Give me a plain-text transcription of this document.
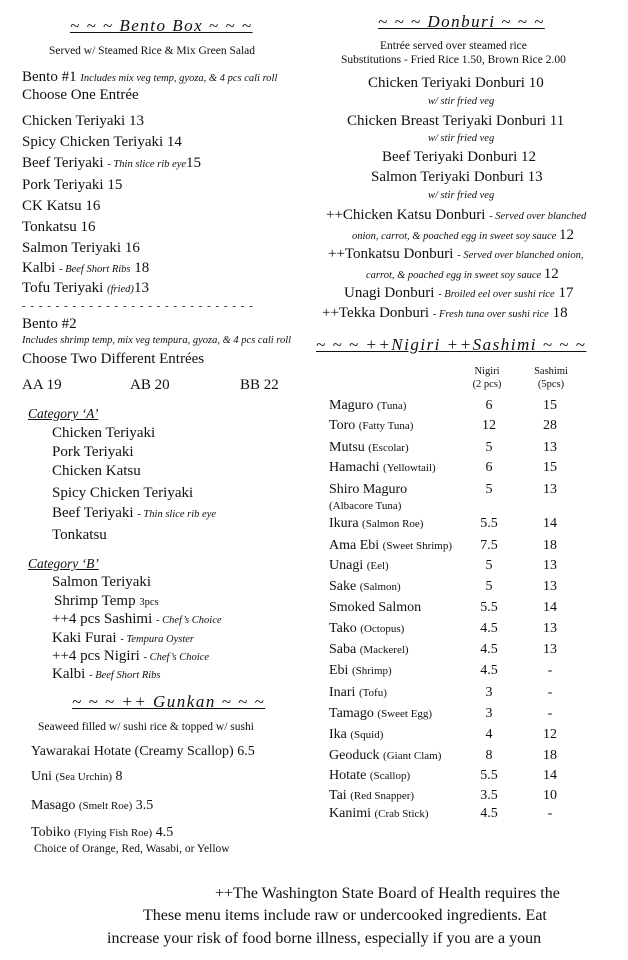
~ ~ ~ Bento Box ~ ~ ~
Served w/ Steamed Rice & Mix Green Salad
Bento #1 Includes mix veg temp, gyoza, & 4 pcs cali roll
Choose One Entrée
Chicken Teriyaki 13
Spicy Chicken Teriyaki 14
Beef Teriyaki - Thin slice rib eye15
Pork Teriyaki 15
CK Katsu 16
Tonkatsu 16
Salmon Teriyaki 16
Kalbi - Beef Short Ribs 18
Tofu Teriyaki (fried)13
- - - - - - - - - - - - - - - - - - - - - - - - - - - -
Bento #2
Includes shrimp temp, mix veg tempura, gyoza, & 4 pcs cali roll
Choose Two Different Entrées
AA 19	AB 20	BB 22
Category ‘A’
Chicken Teriyaki
Pork Teriyaki
Chicken Katsu
Spicy Chicken Teriyaki
Beef Teriyaki - Thin slice rib eye
Tonkatsu
Category ‘B’
Salmon Teriyaki
Shrimp Temp 3pcs
++4 pcs Sashimi - Chef’s Choice
Kaki Furai - Tempura Oyster
++4 pcs Nigiri - Chef’s Choice
Kalbi - Beef Short Ribs
~ ~ ~ ++ Gunkan ~ ~ ~
Seaweed filled w/ sushi rice & topped w/ sushi
Yawarakai Hotate (Creamy Scallop) 6.5
Uni (Sea Urchin) 8
Masago (Smelt Roe) 3.5
Tobiko (Flying Fish Roe) 4.5
Choice of Orange, Red, Wasabi, or Yellow
~ ~ ~ Donburi ~ ~ ~
Entrée served over steamed rice
Substitutions - Fried Rice 1.50, Brown Rice 2.00
Chicken Teriyaki Donburi 10
w/ stir fried veg
Chicken Breast Teriyaki Donburi 11
w/ stir fried veg
Beef Teriyaki Donburi 12
Salmon Teriyaki Donburi 13
w/ stir fried veg
++Chicken Katsu Donburi - Served over blanched
onion, carrot, & poached egg in sweet soy sauce 12
++Tonkatsu Donburi - Served over blanched onion,
carrot, & poached egg in sweet soy sauce 12
Unagi Donburi - Broiled eel over sushi rice 17
++Tekka Donburi - Fresh tuna over sushi rice 18
~ ~ ~ ++Nigiri ++Sashimi ~ ~ ~
Nigiri
(2 pcs)
Sashimi
(5pcs)
Maguro (Tuna)	6	15
Toro (Fatty Tuna)	12	28
Mutsu (Escolar)	5	13
Hamachi (Yellowtail)	6	15
Shiro Maguro	5	13
(Albacore Tuna)
Ikura (Salmon Roe)	5.5	14
Ama Ebi (Sweet Shrimp)	7.5	18
Unagi (Eel)	5	13
Sake (Salmon)	5	13
Smoked Salmon	5.5	14
Tako (Octopus)	4.5	13
Saba (Mackerel)	4.5	13
Ebi (Shrimp)	4.5	-
Inari (Tofu)	3	-
Tamago (Sweet Egg)	3	-
Ika (Squid)	4	12
Geoduck (Giant Clam)	8	18
Hotate (Scallop)	5.5	14
Tai (Red Snapper)	3.5	10
Kanimi (Crab Stick)	4.5	-
++The Washington State Board of Health requires the
These menu items include raw or undercooked ingredients. Eat
increase your risk of food borne illness, especially if you are a youn
